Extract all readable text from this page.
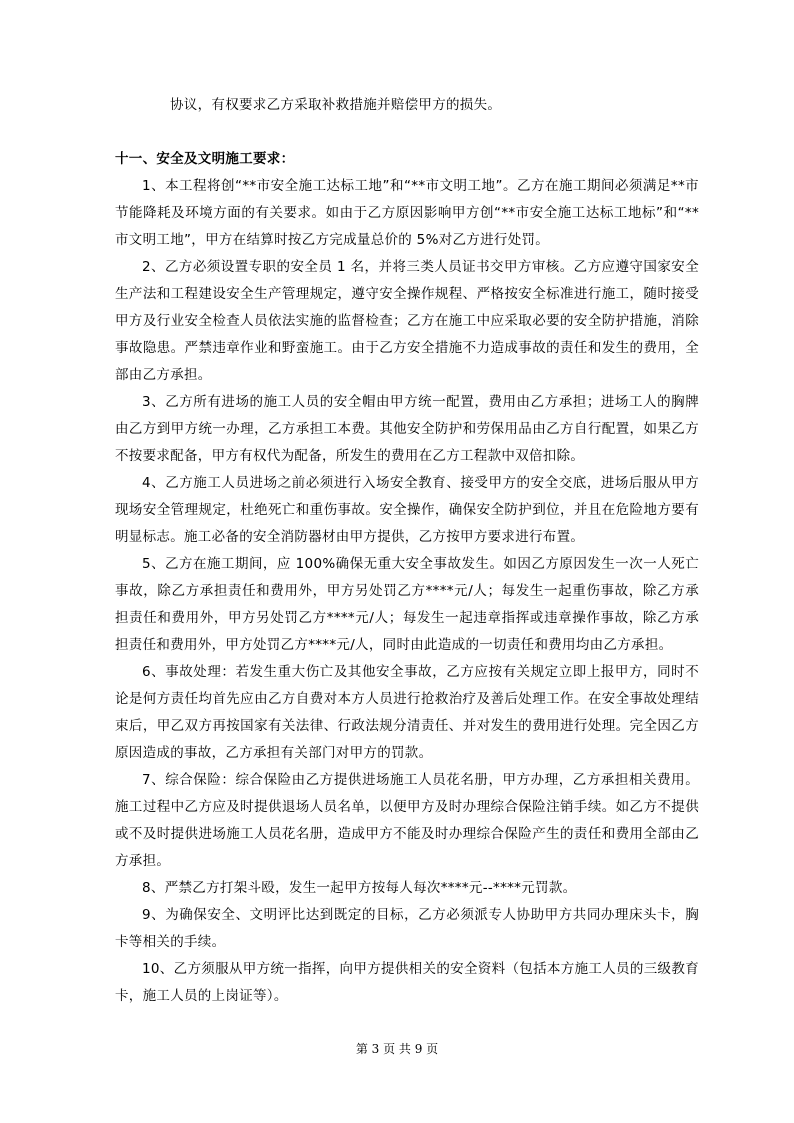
协议，有权要求乙方采取补救措施并赔偿甲方的损失。

十一、安全及文明施工要求：

1、本工程将创“**市安全施工达标工地”和“**市文明工地”。乙方在施工期间必须满足**市节能降耗及环境方面的有关要求。如由于乙方原因影响甲方创“**市安全施工达标工地标”和“**市文明工地”，甲方在结算时按乙方完成量总价的 5%对乙方进行处罚。

2、乙方必须设置专职的安全员 1 名，并将三类人员证书交甲方审核。乙方应遵守国家安全生产法和工程建设安全生产管理规定，遵守安全操作规程、严格按安全标准进行施工，随时接受甲方及行业安全检查人员依法实施的监督检查；乙方在施工中应采取必要的安全防护措施，消除事故隐患。严禁违章作业和野蛮施工。由于乙方安全措施不力造成事故的责任和发生的费用，全部由乙方承担。

3、乙方所有进场的施工人员的安全帽由甲方统一配置，费用由乙方承担；进场工人的胸牌由乙方到甲方统一办理，乙方承担工本费。其他安全防护和劳保用品由乙方自行配置，如果乙方不按要求配备，甲方有权代为配备，所发生的费用在乙方工程款中双倍扣除。

4、乙方施工人员进场之前必须进行入场安全教育、接受甲方的安全交底，进场后服从甲方现场安全管理规定，杜绝死亡和重伤事故。安全操作，确保安全防护到位，并且在危险地方要有明显标志。施工必备的安全消防器材由甲方提供，乙方按甲方要求进行布置。

5、乙方在施工期间，应 100%确保无重大安全事故发生。如因乙方原因发生一次一人死亡事故，除乙方承担责任和费用外，甲方另处罚乙方****元/人；每发生一起重伤事故，除乙方承担责任和费用外，甲方另处罚乙方****元/人；每发生一起违章指挥或违章操作事故，除乙方承担责任和费用外，甲方处罚乙方****元/人，同时由此造成的一切责任和费用均由乙方承担。

6、事故处理：若发生重大伤亡及其他安全事故，乙方应按有关规定立即上报甲方，同时不论是何方责任均首先应由乙方自费对本方人员进行抢救治疗及善后处理工作。在安全事故处理结束后，甲乙双方再按国家有关法律、行政法规分清责任、并对发生的费用进行处理。完全因乙方原因造成的事故，乙方承担有关部门对甲方的罚款。

7、综合保险：综合保险由乙方提供进场施工人员花名册，甲方办理，乙方承担相关费用。施工过程中乙方应及时提供退场人员名单，以便甲方及时办理综合保险注销手续。如乙方不提供或不及时提供进场施工人员花名册，造成甲方不能及时办理综合保险产生的责任和费用全部由乙方承担。

8、严禁乙方打架斗殴，发生一起甲方按每人每次****元--****元罚款。

9、为确保安全、文明评比达到既定的目标，乙方必须派专人协助甲方共同办理床头卡，胸卡等相关的手续。

10、乙方须服从甲方统一指挥，向甲方提供相关的安全资料（包括本方施工人员的三级教育卡，施工人员的上岗证等）。

第 3 页 共 9 页
